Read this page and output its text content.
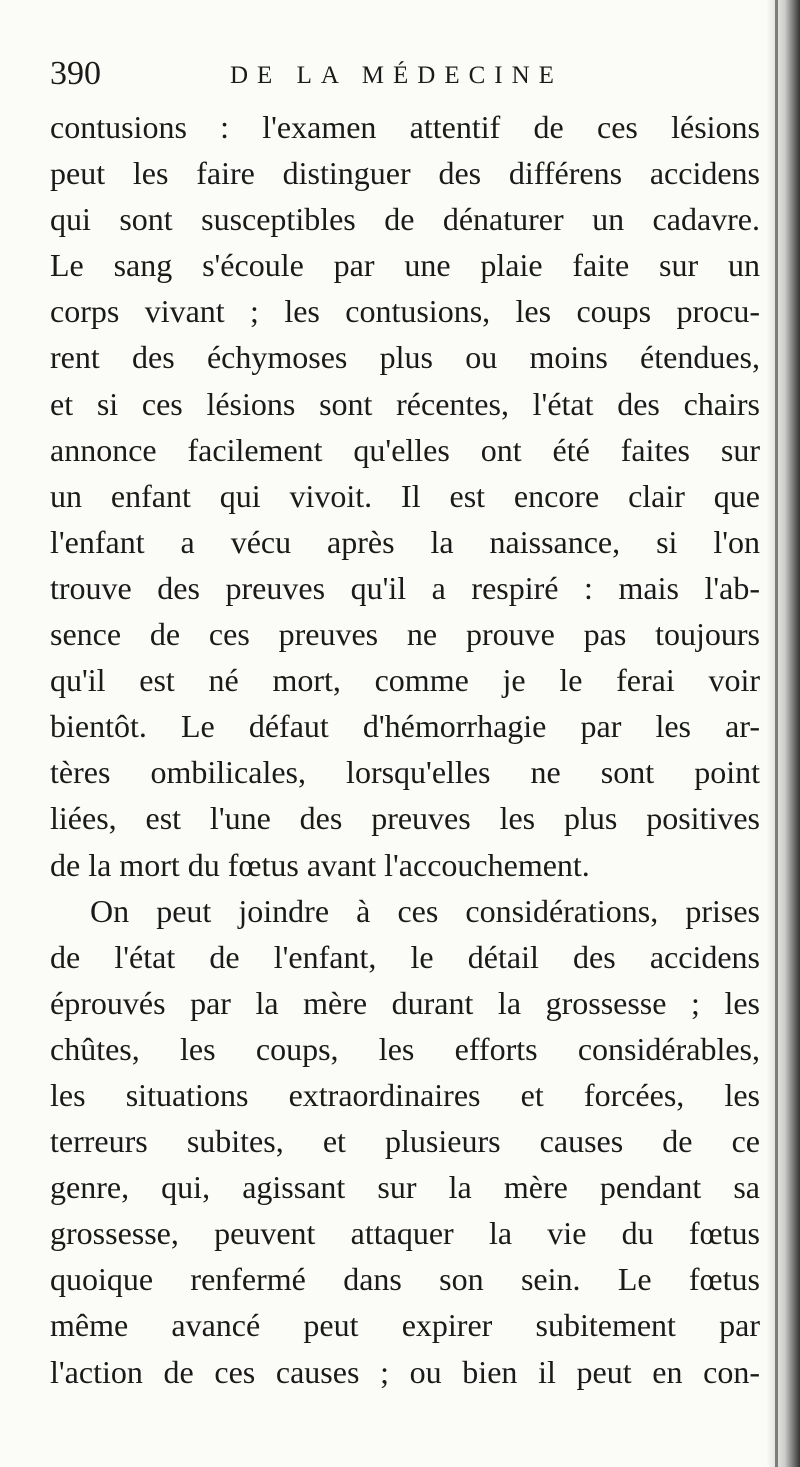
390	DE LA MÉDECINE
contusions : l'examen attentif de ces lésions
peut les faire distinguer des différens accidens
qui sont susceptibles de dénaturer un cadavre.
Le sang s'écoule par une plaie faite sur un
corps vivant ; les contusions, les coups procu-
rent des échymoses plus ou moins étendues,
et si ces lésions sont récentes, l'état des chairs
annonce facilement qu'elles ont été faites sur
un enfant qui vivoit. Il est encore clair que
l'enfant a vécu après la naissance, si l'on
trouve des preuves qu'il a respiré : mais l'ab-
sence de ces preuves ne prouve pas toujours
qu'il est né mort, comme je le ferai voir
bientôt. Le défaut d'hémorrhagie par les ar-
tères ombilicales, lorsqu'elles ne sont point
liées, est l'une des preuves les plus positives
de la mort du fœtus avant l'accouchement.
On peut joindre à ces considérations, prises
de l'état de l'enfant, le détail des accidens
éprouvés par la mère durant la grossesse ; les
chûtes, les coups, les efforts considérables,
les situations extraordinaires et forcées, les
terreurs subites, et plusieurs causes de ce
genre, qui, agissant sur la mère pendant sa
grossesse, peuvent attaquer la vie du fœtus
quoique renfermé dans son sein. Le fœtus
même avancé peut expirer subitement par
l'action de ces causes ; ou bien il peut en con-
